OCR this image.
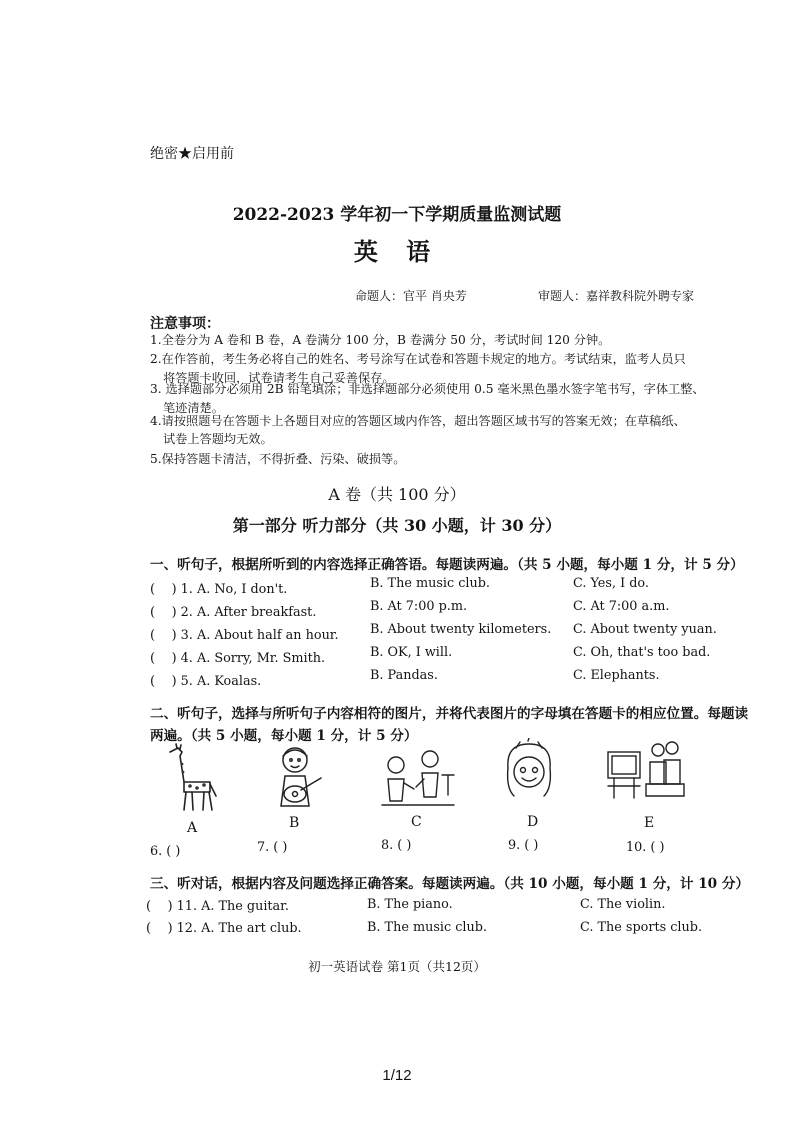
绝密★启用前
2022-2023 学年初一下学期质量监测试题
英 语
命题人：官平 肖央芳	审题人：嘉祥教科院外聘专家
注意事项：
1.全卷分为 A 卷和 B 卷，A 卷满分 100 分，B 卷满分 50 分，考试时间 120 分钟。
2.在作答前，考生务必将自己的姓名、考号涂写在试卷和答题卡规定的地方。考试结束，监考人员只
将答题卡收回，试卷请考生自己妥善保存。
3. 选择题部分必须用 2B 铅笔填涂；非选择题部分必须使用 0.5 毫米黑色墨水签字笔书写，字体工整、
笔迹清楚。
4.请按照题号在答题卡上各题目对应的答题区域内作答，超出答题区域书写的答案无效；在草稿纸、
试卷上答题均无效。
5.保持答题卡清洁，不得折叠、污染、破损等。
A 卷（共 100 分）
第一部分 听力部分（共 30 小题，计 30 分）
一、听句子，根据所听到的内容选择正确答语。每题读两遍。（共 5 小题，每小题 1 分，计 5 分）
(    ) 1. A. No, I don't.	B. The music club.	C. Yes, I do.
(    ) 2. A. After breakfast.	B. At 7:00 p.m.	C. At 7:00 a.m.
(    ) 3. A. About half an hour. B. About twenty kilometers. C. About twenty yuan.
(    ) 4. A. Sorry, Mr. Smith.	B. OK, I will.	C. Oh, that's too bad.
(    ) 5. A. Koalas.	B. Pandas.	C. Elephants.
二、听句子，选择与所听句子内容相符的图片，并将代表图片的字母填在答题卡的相应位置。每题读
两遍。（共 5 小题，每小题 1 分，计 5 分）
A	B	C	D	E
6. ( )	7. ( )	8. ( )	9. ( )	10. ( )
三、听对话，根据内容及问题选择正确答案。每题读两遍。（共 10 小题，每小题 1 分，计 10 分）
(    ) 11. A. The guitar.	B. The piano.	C. The violin.
(    ) 12. A. The art club.	B. The music club.	C. The sports club.
初一英语试卷 第1页（共12页）
1/12
